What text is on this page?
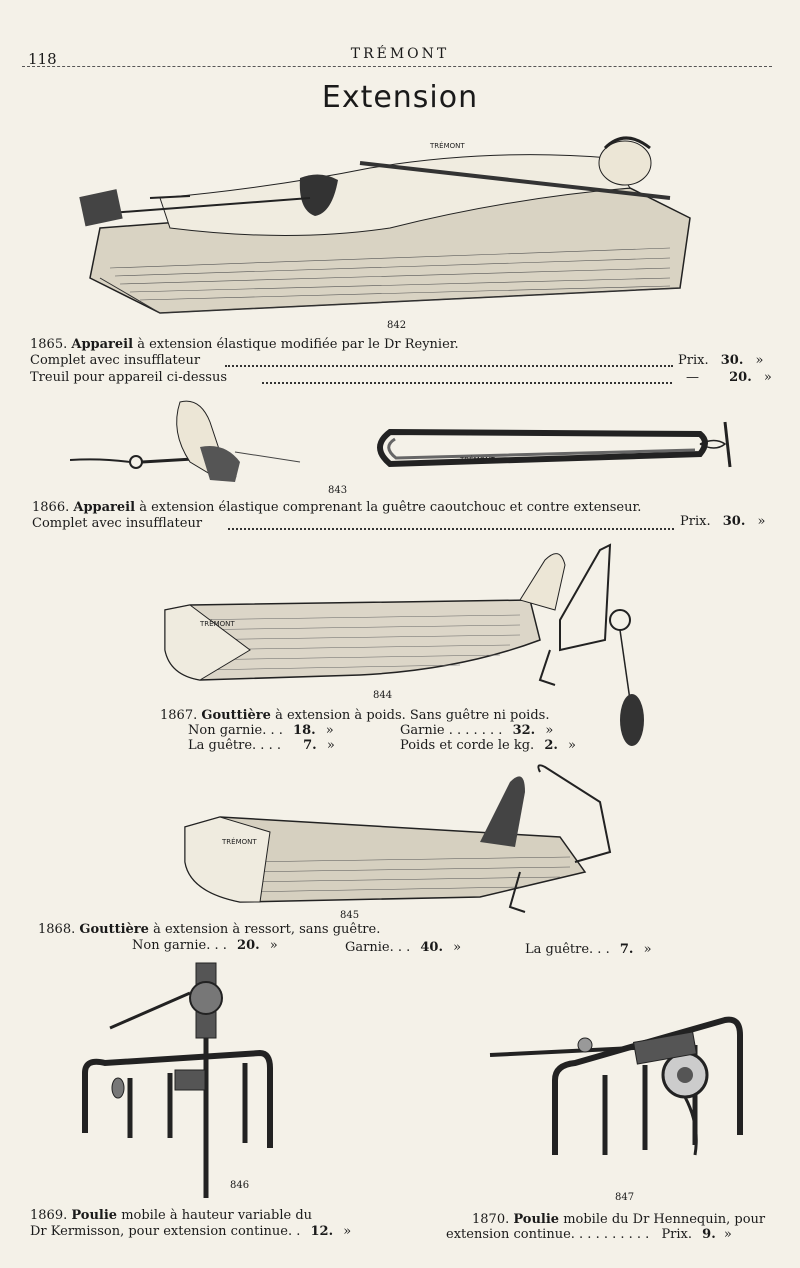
118	TRÉMONT
Extension
TRÉMONT
842
1865. Appareil à extension élastique modifiée par le Dr Reynier.
Complet avec insufflateur	Prix. 30. »
Treuil pour appareil ci-dessus	— 20. »
TRÉMONT
843
1866. Appareil à extension élastique comprenant la guêtre caoutchouc et contre extenseur.
Complet avec insufflateur	Prix. 30. »
TRÉMONT
844
1867. Gouttière à extension à poids. Sans guêtre ni poids.
Non garnie. . . 18. »	Garnie . . . . . . . 32. »
La guêtre. . . . 7. »	Poids et corde le kg. 2. »
TRÉMONT
845
1868. Gouttière à extension à ressort, sans guêtre.
Non garnie. . . 20. »	Garnie. . . 40. »	La guêtre. . . 7. »
846
847
1869. Poulie mobile à hauteur variable du
Dr Kermisson, pour extension continue. . 12. »
1870. Poulie mobile du Dr Hennequin, pour
extension continue. . . . . . . . . . Prix. 9. »
